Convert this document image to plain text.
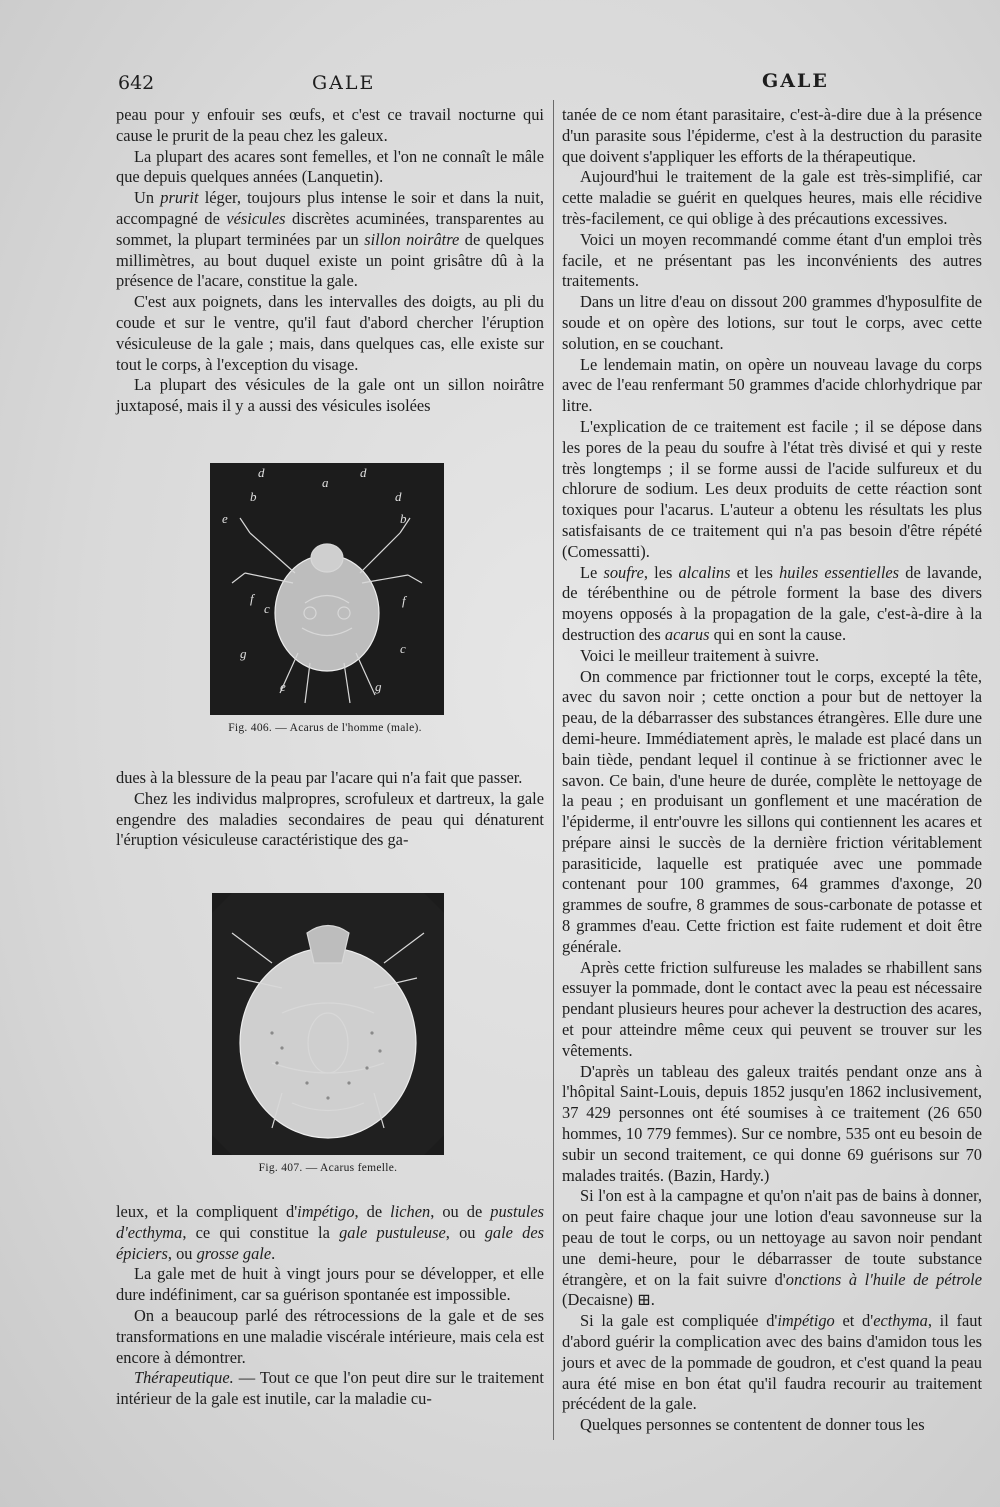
642	GALE	GALE

peau pour y enfouir ses œufs, et c'est ce travail nocturne qui cause le prurit de la peau chez les galeux.

La plupart des acares sont femelles, et l'on ne connaît le mâle que depuis quelques années (Lanquetin).

Un prurit léger, toujours plus intense le soir et dans la nuit, accompagné de vésicules discrètes acuminées, transparentes au sommet, la plupart terminées par un sillon noirâtre de quelques millimètres, au bout duquel existe un point grisâtre dû à la présence de l'acare, constitue la gale.

C'est aux poignets, dans les intervalles des doigts, au pli du coude et sur le ventre, qu'il faut d'abord chercher l'éruption vésiculeuse de la gale ; mais, dans quelques cas, elle existe sur tout le corps, à l'exception du visage.

La plupart des vésicules de la gale ont un sillon noirâtre juxtaposé, mais il y a aussi des vésicules isolées

d	d
b
a
d
b
e
f
c
f
g	c
e	g
Fig. 406. — Acarus de l'homme (male).

dues à la blessure de la peau par l'acare qui n'a fait que passer.

Chez les individus malpropres, scrofuleux et dartreux, la gale engendre des maladies secondaires de peau qui dénaturent l'éruption vésiculeuse caractéristique des ga-

Fig. 407. — Acarus femelle.

leux, et la compliquent d'impétigo, de lichen, ou de pustules d'ecthyma, ce qui constitue la gale pustuleuse, ou gale des épiciers, ou grosse gale.

La gale met de huit à vingt jours pour se développer, et elle dure indéfiniment, car sa guérison spontanée est impossible.

On a beaucoup parlé des rétrocessions de la gale et de ses transformations en une maladie viscérale intérieure, mais cela est encore à démontrer.

Thérapeutique. — Tout ce que l'on peut dire sur le traitement intérieur de la gale est inutile, car la maladie cu-

tanée de ce nom étant parasitaire, c'est-à-dire due à la présence d'un parasite sous l'épiderme, c'est à la destruction du parasite que doivent s'appliquer les efforts de la thérapeutique.

Aujourd'hui le traitement de la gale est très-simplifié, car cette maladie se guérit en quelques heures, mais elle récidive très-facilement, ce qui oblige à des précautions excessives.

Voici un moyen recommandé comme étant d'un emploi très facile, et ne présentant pas les inconvénients des autres traitements.

Dans un litre d'eau on dissout 200 grammes d'hyposulfite de soude et on opère des lotions, sur tout le corps, avec cette solution, en se couchant.

Le lendemain matin, on opère un nouveau lavage du corps avec de l'eau renfermant 50 grammes d'acide chlorhydrique par litre.

L'explication de ce traitement est facile ; il se dépose dans les pores de la peau du soufre à l'état très divisé et qui y reste très longtemps ; il se forme aussi de l'acide sulfureux et du chlorure de sodium. Les deux produits de cette réaction sont toxiques pour l'acarus. L'auteur a obtenu les résultats les plus satisfaisants de ce traitement qui n'a pas besoin d'être répété (Comessatti).

Le soufre, les alcalins et les huiles essentielles de lavande, de térébenthine ou de pétrole forment la base des divers moyens opposés à la propagation de la gale, c'est-à-dire à la destruction des acarus qui en sont la cause.

Voici le meilleur traitement à suivre.

On commence par frictionner tout le corps, excepté la tête, avec du savon noir ; cette onction a pour but de nettoyer la peau, de la débarrasser des substances étrangères. Elle dure une demi-heure. Immédiatement après, le malade est placé dans un bain tiède, pendant lequel il continue à se frictionner avec le savon. Ce bain, d'une heure de durée, complète le nettoyage de la peau ; en produisant un gonflement et une macération de l'épiderme, il entr'ouvre les sillons qui contiennent les acares et prépare ainsi le succès de la dernière friction véritablement parasiticide, laquelle est pratiquée avec une pommade contenant pour 100 grammes, 64 grammes d'axonge, 20 grammes de soufre, 8 grammes de sous-carbonate de potasse et 8 grammes d'eau. Cette friction est faite rudement et doit être générale.

Après cette friction sulfureuse les malades se rhabillent sans essuyer la pommade, dont le contact avec la peau est nécessaire pendant plusieurs heures pour achever la destruction des acares, et pour atteindre même ceux qui peuvent se trouver sur les vêtements.

D'après un tableau des galeux traités pendant onze ans à l'hôpital Saint-Louis, depuis 1852 jusqu'en 1862 inclusivement, 37 429 personnes ont été soumises à ce traitement (26 650 hommes, 10 779 femmes). Sur ce nombre, 535 ont eu besoin de subir un second traitement, ce qui donne 69 guérisons sur 70 malades traités. (Bazin, Hardy.)

Si l'on est à la campagne et qu'on n'ait pas de bains à donner, on peut faire chaque jour une lotion d'eau savonneuse sur la peau de tout le corps, ou un nettoyage au savon noir pendant une demi-heure, pour le débarrasser de toute substance étrangère, et on la fait suivre d'onctions à l'huile de pétrole (Decaisne) ⊞.

Si la gale est compliquée d'impétigo et d'ecthyma, il faut d'abord guérir la complication avec des bains d'amidon tous les jours et avec de la pommade de goudron, et c'est quand la peau aura été mise en bon état qu'il faudra recourir au traitement précédent de la gale.

Quelques personnes se contentent de donner tous les
